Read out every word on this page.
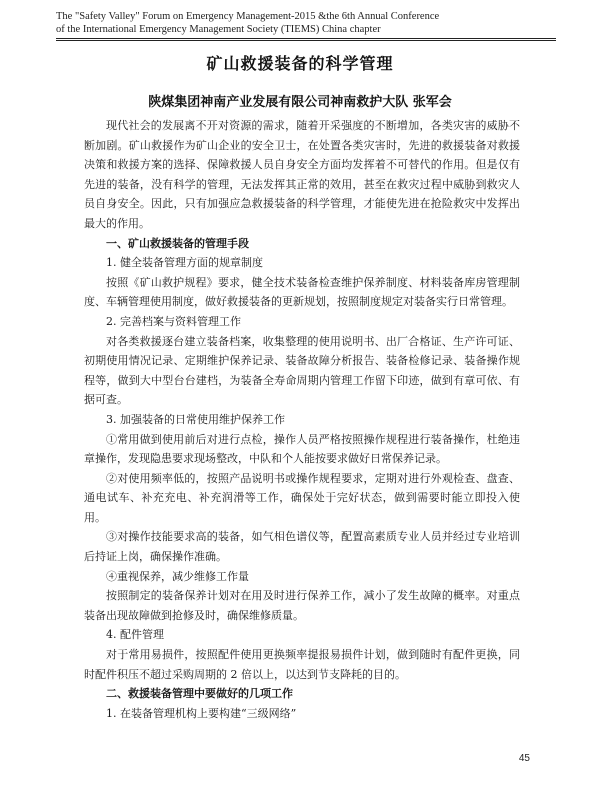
The "Safety Valley" Forum on Emergency Management-2015 &the 6th Annual Conference
of the International Emergency Management Society (TIEMS) China chapter
矿山救援装备的科学管理
陕煤集团神南产业发展有限公司神南救护大队 张军会

现代社会的发展离不开对资源的需求，随着开采强度的不断增加，各类灾害的威胁不断加剧。矿山救援作为矿山企业的安全卫士，在处置各类灾害时，先进的救援装备对救援决策和救援方案的选择、保障救援人员自身安全方面均发挥着不可替代的作用。但是仅有先进的装备，没有科学的管理，无法发挥其正常的效用，甚至在救灾过程中威胁到救灾人员自身安全。因此，只有加强应急救援装备的科学管理，才能使先进在抢险救灾中发挥出最大的作用。

一、矿山救援装备的管理手段

1. 健全装备管理方面的规章制度

按照《矿山救护规程》要求，健全技术装备检查维护保养制度、材料装备库房管理制度、车辆管理使用制度，做好救援装备的更新规划，按照制度规定对装备实行日常管理。

2. 完善档案与资料管理工作

对各类救援逐台建立装备档案，收集整理的使用说明书、出厂合格证、生产许可证、初期使用情况记录、定期维护保养记录、装备故障分析报告、装备检修记录、装备操作规程等，做到大中型台台建档，为装备全寿命周期内管理工作留下印迹，做到有章可依、有据可查。

3. 加强装备的日常使用维护保养工作

①常用做到使用前后对进行点检，操作人员严格按照操作规程进行装备操作，杜绝违章操作，发现隐患要求现场整改，中队和个人能按要求做好日常保养记录。

②对使用频率低的，按照产品说明书或操作规程要求，定期对进行外观检查、盘查、通电试车、补充充电、补充润滑等工作，确保处于完好状态，做到需要时能立即投入使用。

③对操作技能要求高的装备，如气相色谱仪等，配置高素质专业人员并经过专业培训后持证上岗，确保操作准确。

④重视保养，减少维修工作量

按照制定的装备保养计划对在用及时进行保养工作，减小了发生故障的概率。对重点装备出现故障做到抢修及时，确保维修质量。

4. 配件管理

对于常用易损件，按照配件使用更换频率提报易损件计划，做到随时有配件更换，同时配件积压不超过采购周期的 2 倍以上，以达到节支降耗的目的。

二、救援装备管理中要做好的几项工作

1. 在装备管理机构上要构建“三级网络”

45
